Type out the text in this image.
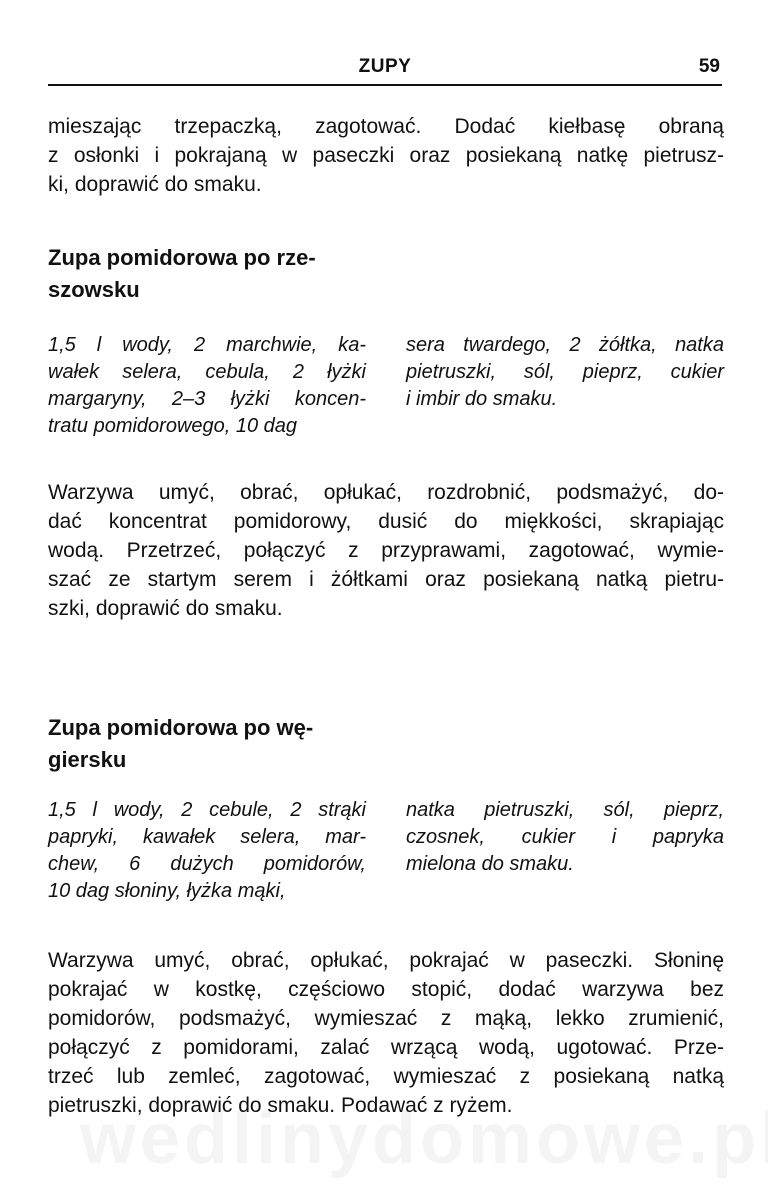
ZUPY	59

mieszając trzepaczką, zagotować. Dodać kiełbasę obraną
z osłonki i pokrajaną w paseczki oraz posiekaną natkę pietrusz-
ki, doprawić do smaku.

Zupa pomidorowa po rze-
szowsku
1,5 l wody, 2 marchwie, ka-
wałek selera, cebula, 2 łyżki
margaryny, 2–3 łyżki koncen-
tratu pomidorowego, 10 dag
sera twardego, 2 żółtka, natka
pietruszki, sól, pieprz, cukier
i imbir do smaku.

Warzywa umyć, obrać, opłukać, rozdrobnić, podsmażyć, do-
dać koncentrat pomidorowy, dusić do miękkości, skrapiając
wodą. Przetrzeć, połączyć z przyprawami, zagotować, wymie-
szać ze startym serem i żółtkami oraz posiekaną natką pietru-
szki, doprawić do smaku.

Zupa pomidorowa po wę-
giersku
1,5 l wody, 2 cebule, 2 strąki
papryki, kawałek selera, mar-
chew, 6 dużych pomidorów,
10 dag słoniny, łyżka mąki,
natka pietruszki, sól, pieprz,
czosnek, cukier i papryka
mielona do smaku.

Warzywa umyć, obrać, opłukać, pokrajać w paseczki. Słoninę
pokrajać w kostkę, częściowo stopić, dodać warzywa bez
pomidorów, podsmażyć, wymieszać z mąką, lekko zrumienić,
połączyć z pomidorami, zalać wrzącą wodą, ugotować. Prze-
trzeć lub zemleć, zagotować, wymieszać z posiekaną natką
pietruszki, doprawić do smaku. Podawać z ryżem.
